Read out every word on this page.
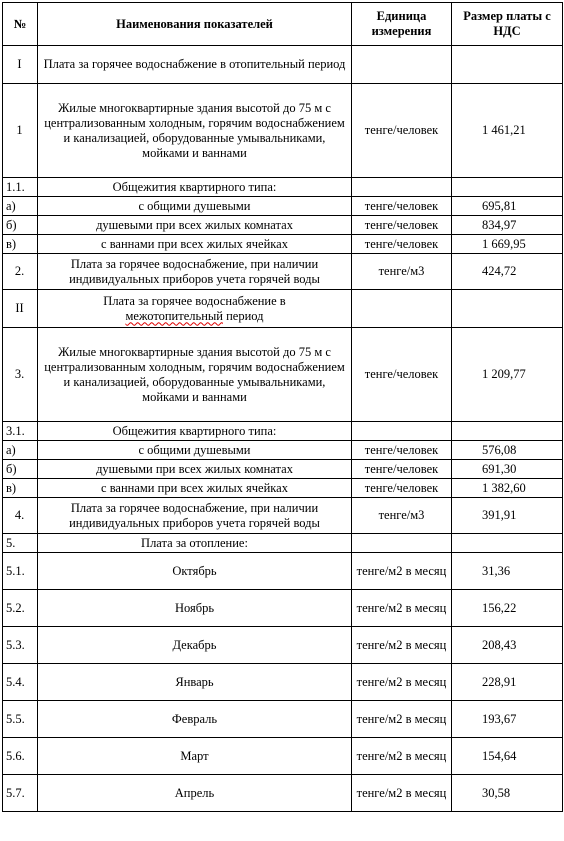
№	Наименования показателей	Единица измерения	Размер платы с НДС
I	Плата за горячее водоснабжение в отопительный период		
1	Жилые многоквартирные здания высотой до 75 м с централизованным холодным, горячим водоснабжением и канализацией, оборудованные умывальниками, мойками и ваннами	тенге/человек	1 461,21
1.1.	Общежития квартирного типа:		
а)	с общими душевыми	тенге/человек	695,81
б)	душевыми при всех жилых комнатах	тенге/человек	834,97
в)	с ваннами при всех жилых ячейках	тенге/человек	1 669,95
2.	Плата за горячее водоснабжение, при наличии индивидуальных приборов учета горячей воды	тенге/м3	424,72
II	Плата за горячее водоснабжение в
межотопительный период		
3.	Жилые многоквартирные здания высотой до 75 м с централизованным холодным, горячим водоснабжением и канализацией, оборудованные умывальниками, мойками и ваннами	тенге/человек	1 209,77
3.1.	Общежития квартирного типа:		
а)	с общими душевыми	тенге/человек	576,08
б)	душевыми при всех жилых комнатах	тенге/человек	691,30
в)	с ваннами при всех жилых ячейках	тенге/человек	1 382,60
4.	Плата за горячее водоснабжение, при наличии индивидуальных приборов учета горячей воды	тенге/м3	391,91
5.	Плата за отопление:		
5.1.	Октябрь	тенге/м2 в месяц	31,36
5.2.	Ноябрь	тенге/м2 в месяц	156,22
5.3.	Декабрь	тенге/м2 в месяц	208,43
5.4.	Январь	тенге/м2 в месяц	228,91
5.5.	Февраль	тенге/м2 в месяц	193,67
5.6.	Март	тенге/м2 в месяц	154,64
5.7.	Апрель	тенге/м2 в месяц	30,58
